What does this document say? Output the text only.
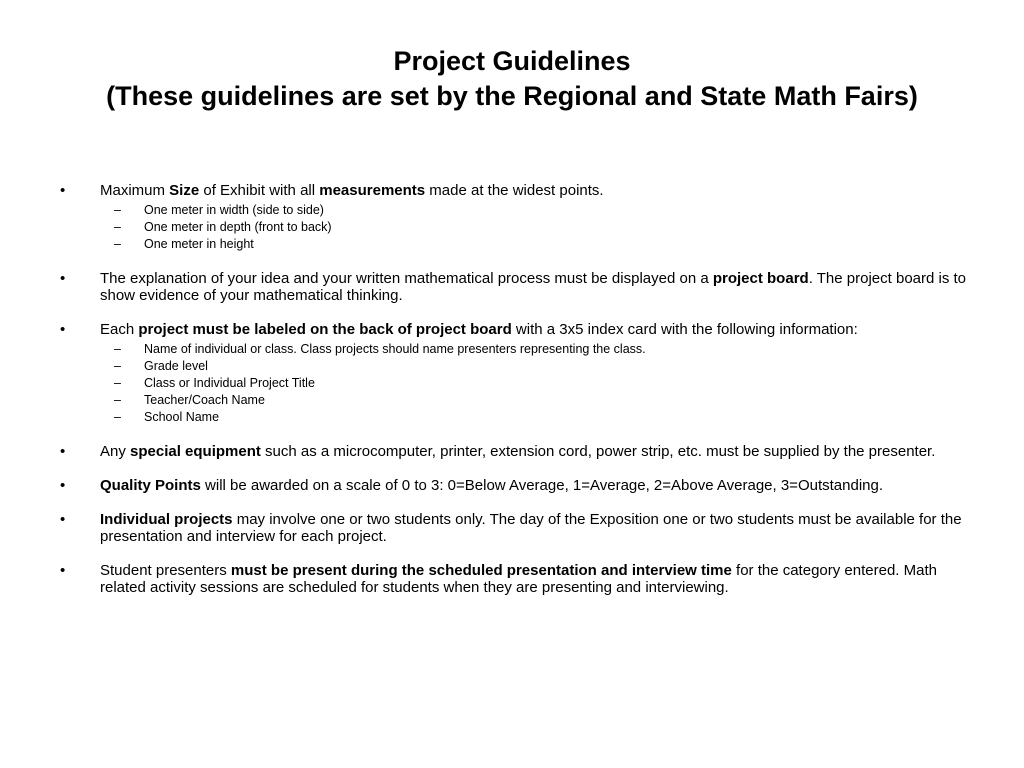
Project Guidelines
(These guidelines are set by the Regional and State Math Fairs)
•	Maximum Size of Exhibit with all measurements made at the widest points.
– One meter in width (side to side)
– One meter in depth (front to back)
– One meter in height
•	The explanation of your idea and your written mathematical process must be displayed on a project board. The project board is to show evidence of your mathematical thinking.
•	Each project must be labeled on the back of project board with a 3x5 index card with the following information:
– Name of individual or class. Class projects should name presenters representing the class.
– Grade level
– Class or Individual Project Title
– Teacher/Coach Name
– School Name
•	Any special equipment such as a microcomputer, printer, extension cord, power strip, etc. must be supplied by the presenter.
•	Quality Points will be awarded on a scale of 0 to 3: 0=Below Average, 1=Average, 2=Above Average, 3=Outstanding.
•	Individual projects may involve one or two students only. The day of the Exposition one or two students must be available for the presentation and interview for each project.
•	Student presenters must be present during the scheduled presentation and interview time for the category entered. Math related activity sessions are scheduled for students when they are presenting and interviewing.
